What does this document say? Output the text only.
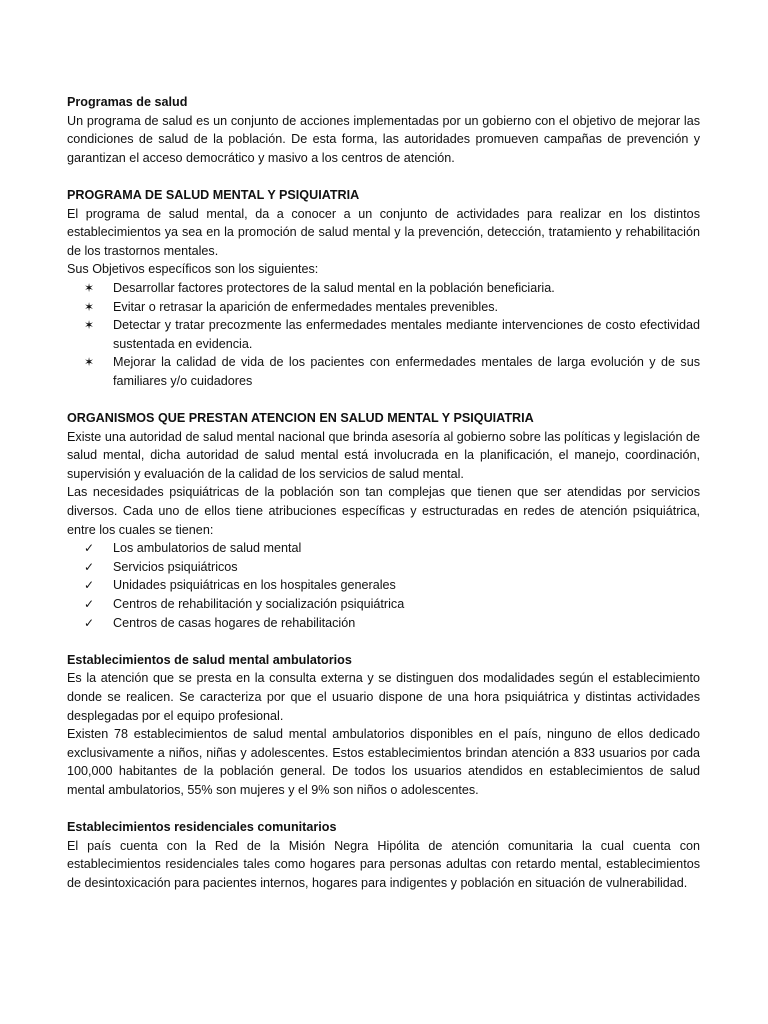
Programas de salud

Un programa de salud es un conjunto de acciones implementadas por un gobierno con el objetivo de mejorar las condiciones de salud de la población. De esta forma, las autoridades promueven campañas de prevención y garantizan el acceso democrático y masivo a los centros de atención.

PROGRAMA DE SALUD MENTAL Y PSIQUIATRIA

El programa de salud mental, da a conocer a un conjunto de actividades para realizar en los distintos establecimientos ya sea en la promoción de salud mental y la prevención, detección, tratamiento y rehabilitación de los trastornos mentales.

Sus Objetivos específicos son los siguientes:

✶	Desarrollar factores protectores de la salud mental en la población beneficiaria.
✶	Evitar o retrasar la aparición de enfermedades mentales prevenibles.
✶	Detectar y tratar precozmente las enfermedades mentales mediante intervenciones de costo efectividad sustentada en evidencia.
✶	Mejorar la calidad de vida de los pacientes con enfermedades mentales de larga evolución y de sus familiares y/o cuidadores
ORGANISMOS QUE PRESTAN ATENCION EN SALUD MENTAL Y PSIQUIATRIA

Existe una autoridad de salud mental nacional que brinda asesoría al gobierno sobre las políticas y legislación de salud mental, dicha autoridad de salud mental está involucrada en la planificación, el manejo, coordinación, supervisión y evaluación de la calidad de los servicios de salud mental.

Las necesidades psiquiátricas de la población son tan complejas que tienen que ser atendidas por servicios diversos. Cada uno de ellos tiene atribuciones específicas y estructuradas en redes de atención psiquiátrica, entre los cuales se tienen:

✓	Los ambulatorios de salud mental
✓	Servicios psiquiátricos
✓	Unidades psiquiátricas en los hospitales generales
✓	Centros de rehabilitación y socialización psiquiátrica
✓	Centros de casas hogares de rehabilitación
Establecimientos de salud mental ambulatorios

Es la atención que se presta en la consulta externa y se distinguen dos modalidades según el establecimiento donde se realicen. Se caracteriza por que el usuario dispone de una hora psiquiátrica y distintas actividades desplegadas por el equipo profesional.

Existen 78 establecimientos de salud mental ambulatorios disponibles en el país, ninguno de ellos dedicado exclusivamente a niños, niñas y adolescentes. Estos establecimientos brindan atención a 833 usuarios por cada 100,000 habitantes de la población general. De todos los usuarios atendidos en establecimientos de salud mental ambulatorios, 55% son mujeres y el 9% son niños o adolescentes.

Establecimientos residenciales comunitarios

El país cuenta con la Red de la Misión Negra Hipólita de atención comunitaria la cual cuenta con establecimientos residenciales tales como hogares para personas adultas con retardo mental, establecimientos de desintoxicación para pacientes internos, hogares para indigentes y población en situación de vulnerabilidad.
